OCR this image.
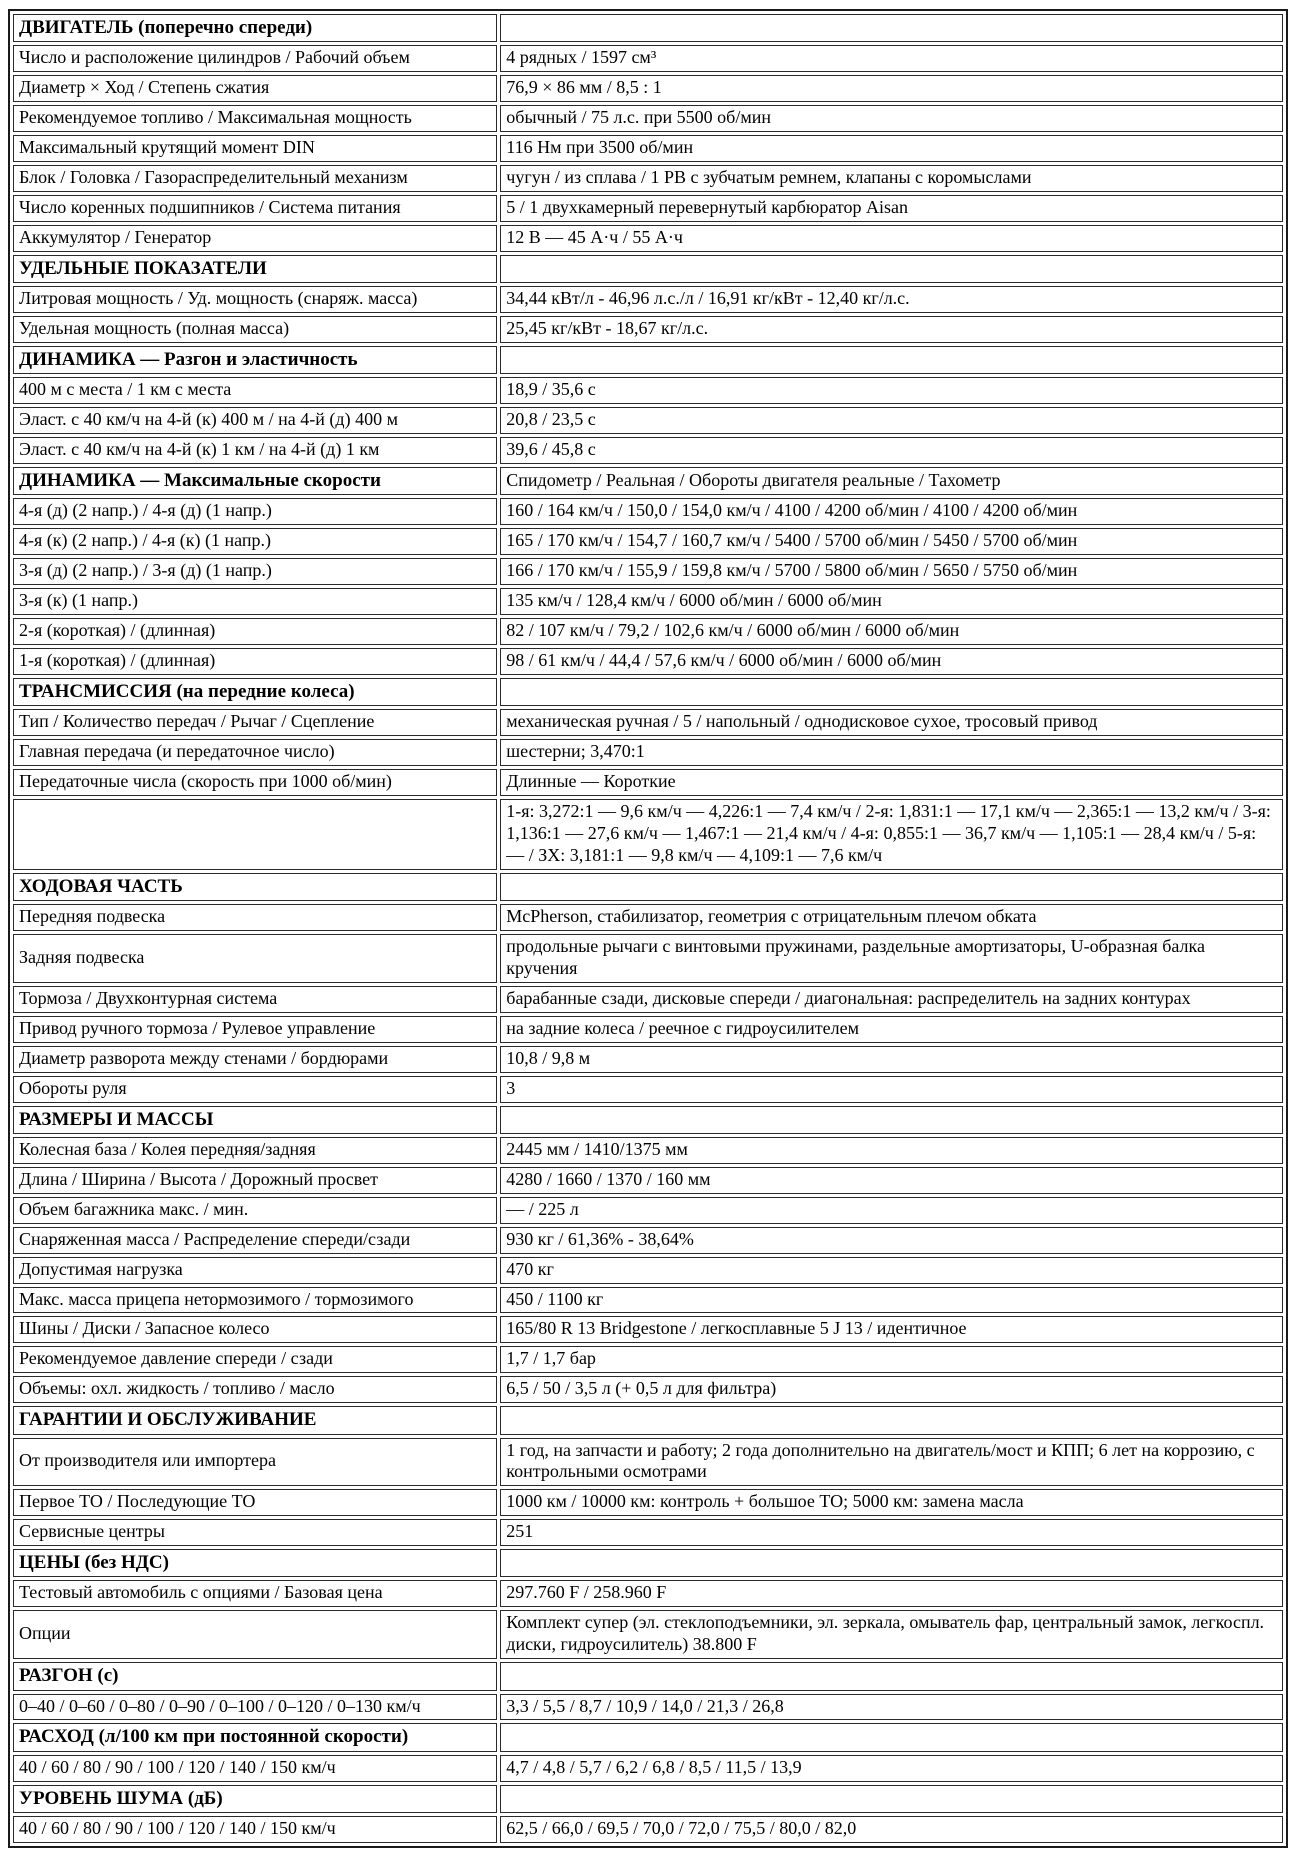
ДВИГАТЕЛЬ (поперечно спереди)	
Число и расположение цилиндров / Рабочий объем	4 рядных / 1597 см³
Диаметр × Ход / Степень сжатия	76,9 × 86 мм / 8,5 : 1
Рекомендуемое топливо / Максимальная мощность	обычный / 75 л.с. при 5500 об/мин
Максимальный крутящий момент DIN	116 Нм при 3500 об/мин
Блок / Головка / Газораспределительный механизм	чугун / из сплава / 1 РВ с зубчатым ремнем, клапаны с коромыслами
Число коренных подшипников / Система питания	5 / 1 двухкамерный перевернутый карбюратор Aisan
Аккумулятор / Генератор	12 В — 45 А·ч / 55 А·ч
УДЕЛЬНЫЕ ПОКАЗАТЕЛИ	
Литровая мощность / Уд. мощность (снаряж. масса)	34,44 кВт/л - 46,96 л.с./л / 16,91 кг/кВт - 12,40 кг/л.с.
Удельная мощность (полная масса)	25,45 кг/кВт - 18,67 кг/л.с.
ДИНАМИКА — Разгон и эластичность	
400 м с места / 1 км с места	18,9 / 35,6 с
Эласт. с 40 км/ч на 4-й (к) 400 м / на 4-й (д) 400 м	20,8 / 23,5 с
Эласт. с 40 км/ч на 4-й (к) 1 км / на 4-й (д) 1 км	39,6 / 45,8 с
ДИНАМИКА — Максимальные скорости	Спидометр / Реальная / Обороты двигателя реальные / Тахометр
4-я (д) (2 напр.) / 4-я (д) (1 напр.)	160 / 164 км/ч / 150,0 / 154,0 км/ч / 4100 / 4200 об/мин / 4100 / 4200 об/мин
4-я (к) (2 напр.) / 4-я (к) (1 напр.)	165 / 170 км/ч / 154,7 / 160,7 км/ч / 5400 / 5700 об/мин / 5450 / 5700 об/мин
3-я (д) (2 напр.) / 3-я (д) (1 напр.)	166 / 170 км/ч / 155,9 / 159,8 км/ч / 5700 / 5800 об/мин / 5650 / 5750 об/мин
3-я (к) (1 напр.)	135 км/ч / 128,4 км/ч / 6000 об/мин / 6000 об/мин
2-я (короткая) / (длинная)	82 / 107 км/ч / 79,2 / 102,6 км/ч / 6000 об/мин / 6000 об/мин
1-я (короткая) / (длинная)	98 / 61 км/ч / 44,4 / 57,6 км/ч / 6000 об/мин / 6000 об/мин
ТРАНСМИССИЯ (на передние колеса)	
Тип / Количество передач / Рычаг / Сцепление	механическая ручная / 5 / напольный / однодисковое сухое, тросовый привод
Главная передача (и передаточное число)	шестерни; 3,470:1
Передаточные числа (скорость при 1000 об/мин)	Длинные — Короткие
	1-я: 3,272:1 — 9,6 км/ч — 4,226:1 — 7,4 км/ч / 2-я: 1,831:1 — 17,1 км/ч — 2,365:1 — 13,2 км/ч / 3-я: 1,136:1 — 27,6 км/ч — 1,467:1 — 21,4 км/ч / 4-я: 0,855:1 — 36,7 км/ч — 1,105:1 — 28,4 км/ч / 5-я: — / ЗХ: 3,181:1 — 9,8 км/ч — 4,109:1 — 7,6 км/ч
ХОДОВАЯ ЧАСТЬ	
Передняя подвеска	McPherson, стабилизатор, геометрия с отрицательным плечом обката
Задняя подвеска	продольные рычаги с винтовыми пружинами, раздельные амортизаторы, U-образная балка кручения
Тормоза / Двухконтурная система	барабанные сзади, дисковые спереди / диагональная: распределитель на задних контурах
Привод ручного тормоза / Рулевое управление	на задние колеса / реечное с гидроусилителем
Диаметр разворота между стенами / бордюрами	10,8 / 9,8 м
Обороты руля	3
РАЗМЕРЫ И МАССЫ	
Колесная база / Колея передняя/задняя	2445 мм / 1410/1375 мм
Длина / Ширина / Высота / Дорожный просвет	4280 / 1660 / 1370 / 160 мм
Объем багажника макс. / мин.	— / 225 л
Снаряженная масса / Распределение спереди/сзади	930 кг / 61,36% - 38,64%
Допустимая нагрузка	470 кг
Макс. масса прицепа нетормозимого / тормозимого	450 / 1100 кг
Шины / Диски / Запасное колесо	165/80 R 13 Bridgestone / легкосплавные 5 J 13 / идентичное
Рекомендуемое давление спереди / сзади	1,7 / 1,7 бар
Объемы: охл. жидкость / топливо / масло	6,5 / 50 / 3,5 л (+ 0,5 л для фильтра)
ГАРАНТИИ И ОБСЛУЖИВАНИЕ	
От производителя или импортера	1 год, на запчасти и работу; 2 года дополнительно на двигатель/мост и КПП; 6 лет на коррозию, с контрольными осмотрами
Первое ТО / Последующие ТО	1000 км / 10000 км: контроль + большое ТО; 5000 км: замена масла
Сервисные центры	251
ЦЕНЫ (без НДС)	
Тестовый автомобиль с опциями / Базовая цена	297.760 F / 258.960 F
Опции	Комплект супер (эл. стеклоподъемники, эл. зеркала, омыватель фар, центральный замок, легкоспл. диски, гидроусилитель) 38.800 F
РАЗГОН (с)	
0–40 / 0–60 / 0–80 / 0–90 / 0–100 / 0–120 / 0–130 км/ч	3,3 / 5,5 / 8,7 / 10,9 / 14,0 / 21,3 / 26,8
РАСХОД (л/100 км при постоянной скорости)	
40 / 60 / 80 / 90 / 100 / 120 / 140 / 150 км/ч	4,7 / 4,8 / 5,7 / 6,2 / 6,8 / 8,5 / 11,5 / 13,9
УРОВЕНЬ ШУМА (дБ)	
40 / 60 / 80 / 90 / 100 / 120 / 140 / 150 км/ч	62,5 / 66,0 / 69,5 / 70,0 / 72,0 / 75,5 / 80,0 / 82,0
